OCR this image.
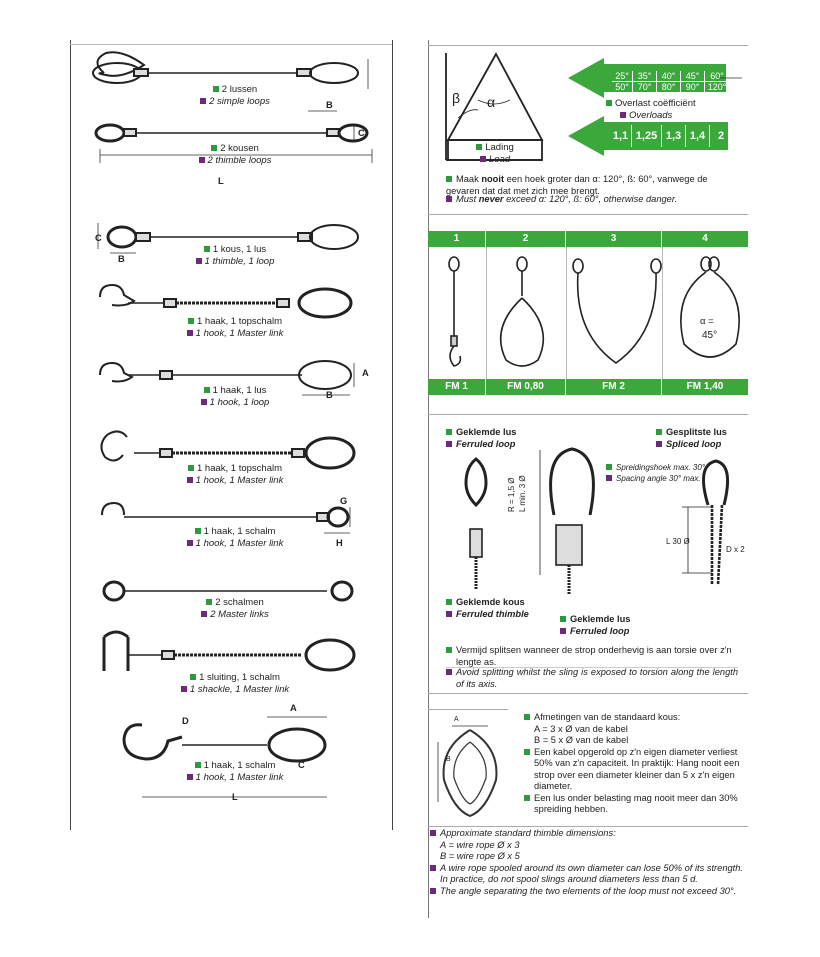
B
C
L
C
B
A
B
G
H
A
D
C
L
2 lussen
2 simple loops
2 kousen
2 thimble loops
1 kous, 1 lus
1 thimble, 1 loop
1 haak, 1 topschalm
1 hook, 1 Master link
1 haak, 1 lus
1 hook, 1 loop
1 haak, 1 topschalm
1 hook, 1 Master link
1 haak, 1 schalm
1 hook, 1 Master link
2 schalmen
2 Master links
1 sluiting, 1 schalm
1 shackle, 1 Master link
1 haak, 1 schalm
1 hook, 1 Master link
β α
Lading
Load
25° 35°	40°	45°	60°
50° 70°	80°	90° 120°
Overlast coëfficiënt
Overloads
1,1 1,25 1,3 1,4	2
Maak nooit een hoek groter dan α: 120°, ß: 60°, vanwege de gevaren dat dat met zich mee brengt.
Must never exceed α: 120°, ß: 60°, otherwise danger.
1	2	3	4
α =
45°
FM 1	FM 0,80	FM 2	FM 1,40
Geklemde lus
Ferruled loop
Gesplitste lus
Spliced loop
R = 1,5 Ø L min. 3 Ø
Spreidingshoek max. 30°
Spacing angle 30° max.
L 30 Ø
D x 2
Geklemde kous
Ferruled thimble
Geklemde lus
Ferruled loop
Vermijd splitsen wanneer de strop onderhevig is aan torsie over z'n lengte as.
Avoid splitting whilst the sling is exposed to torsion along the length of its axis.
A
B
Afmetingen van de standaard kous:
A = 3 x Ø van de kabel
B = 5 x Ø van de kabel
Een kabel opgerold op z'n eigen diameter verliest 50% van z'n capaciteit. In praktijk: Hang nooit een strop over een diameter kleiner dan 5 x z'n eigen diameter.
Een lus onder belasting mag nooit meer dan 30% spreiding hebben.
Approximate standard thimble dimensions:
A = wire rope Ø x 3
B = wire rope Ø x 5
A wire rope spooled around its own diameter can lose 50% of its strength.
In practice, do not spool slings around diameters less than 5 d.
The angle separating the two elements of the loop must not exceed 30°.
